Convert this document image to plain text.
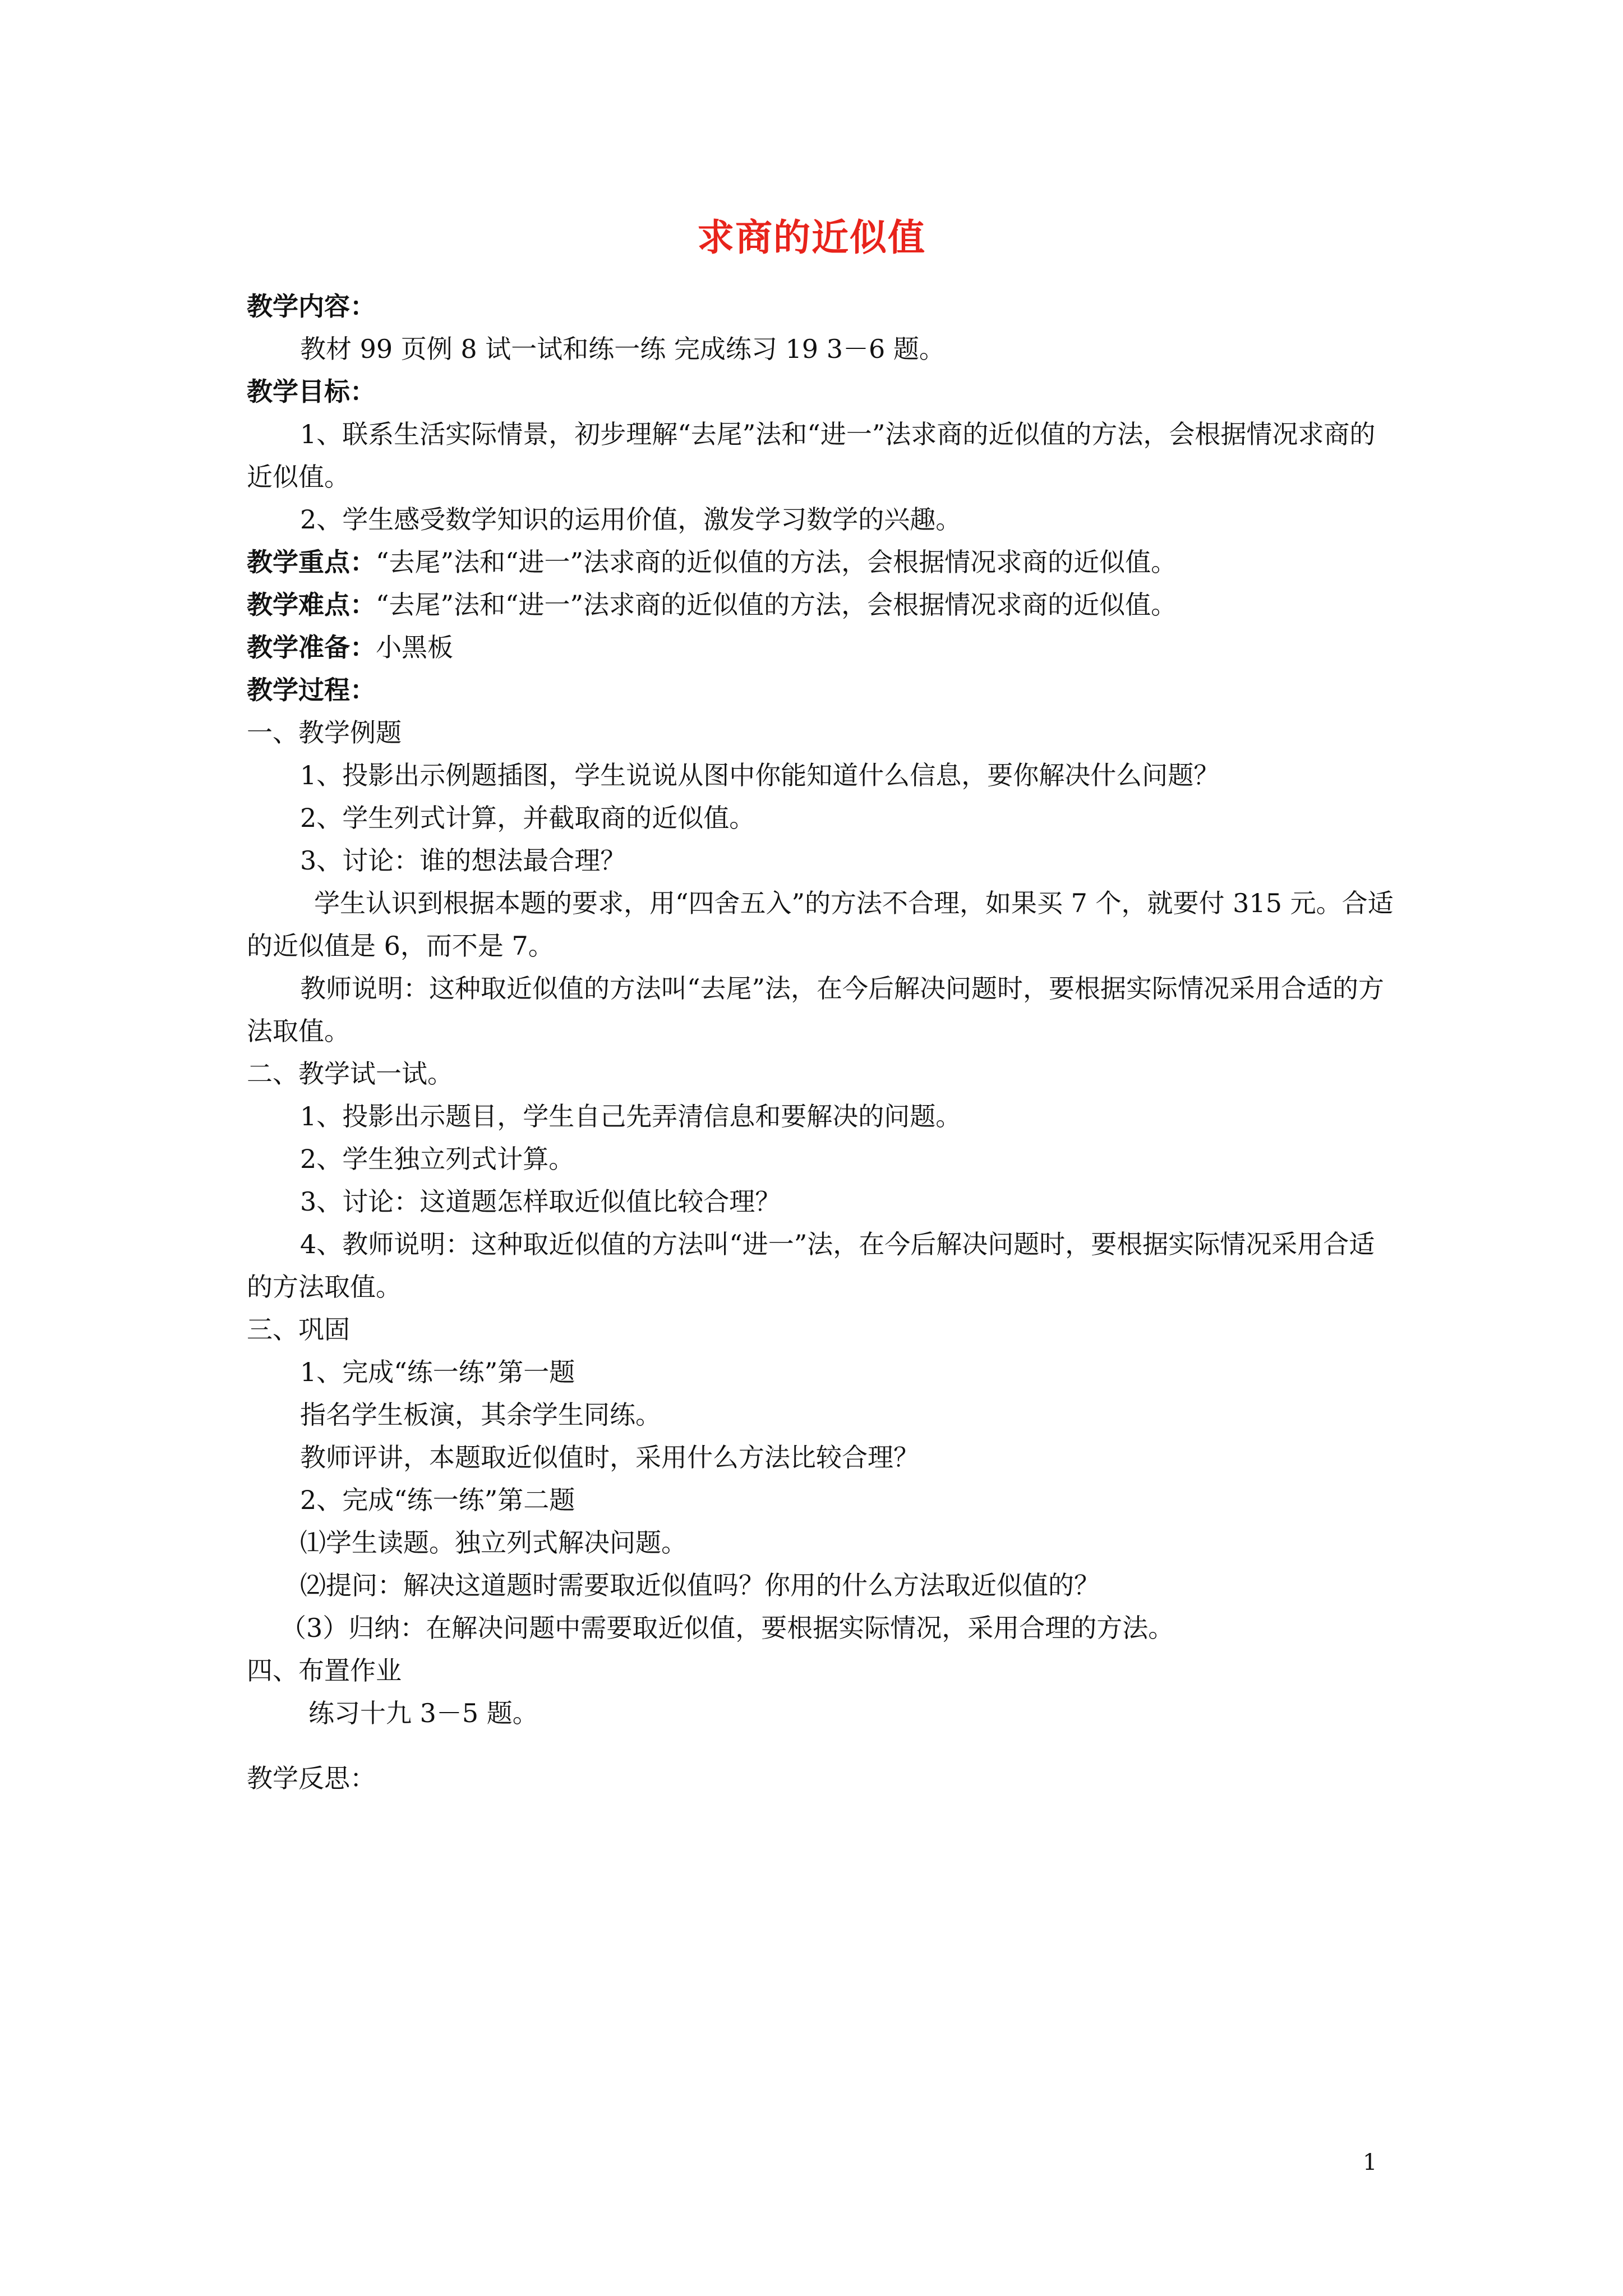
求商的近似值

教学内容：

教材 99 页例 8 试一试和练一练 完成练习 19 3－6 题。

教学目标：

1、联系生活实际情景，初步理解“去尾”法和“进一”法求商的近似值的方法，会根据情况求商的近似值。

2、学生感受数学知识的运用价值，激发学习数学的兴趣。

教学重点：“去尾”法和“进一”法求商的近似值的方法，会根据情况求商的近似值。

教学难点：“去尾”法和“进一”法求商的近似值的方法，会根据情况求商的近似值。

教学准备：小黑板

教学过程：

一、教学例题

1、投影出示例题插图，学生说说从图中你能知道什么信息，要你解决什么问题？

2、学生列式计算，并截取商的近似值。

3、讨论：谁的想法最合理？

学生认识到根据本题的要求，用“四舍五入”的方法不合理，如果买 7 个，就要付 315 元。合适的近似值是 6，而不是 7。

教师说明：这种取近似值的方法叫“去尾”法，在今后解决问题时，要根据实际情况采用合适的方法取值。

二、教学试一试。

1、投影出示题目，学生自己先弄清信息和要解决的问题。

2、学生独立列式计算。

3、讨论：这道题怎样取近似值比较合理？

4、教师说明：这种取近似值的方法叫“进一”法，在今后解决问题时，要根据实际情况采用合适的方法取值。

三、巩固

1、完成“练一练”第一题

指名学生板演，其余学生同练。

教师评讲，本题取近似值时，采用什么方法比较合理？

2、完成“练一练”第二题

⑴学生读题。独立列式解决问题。

⑵提问：解决这道题时需要取近似值吗？你用的什么方法取近似值的？

（3）归纳：在解决问题中需要取近似值，要根据实际情况，采用合理的方法。

四、布置作业

练习十九 3－5 题。

教学反思：

1
